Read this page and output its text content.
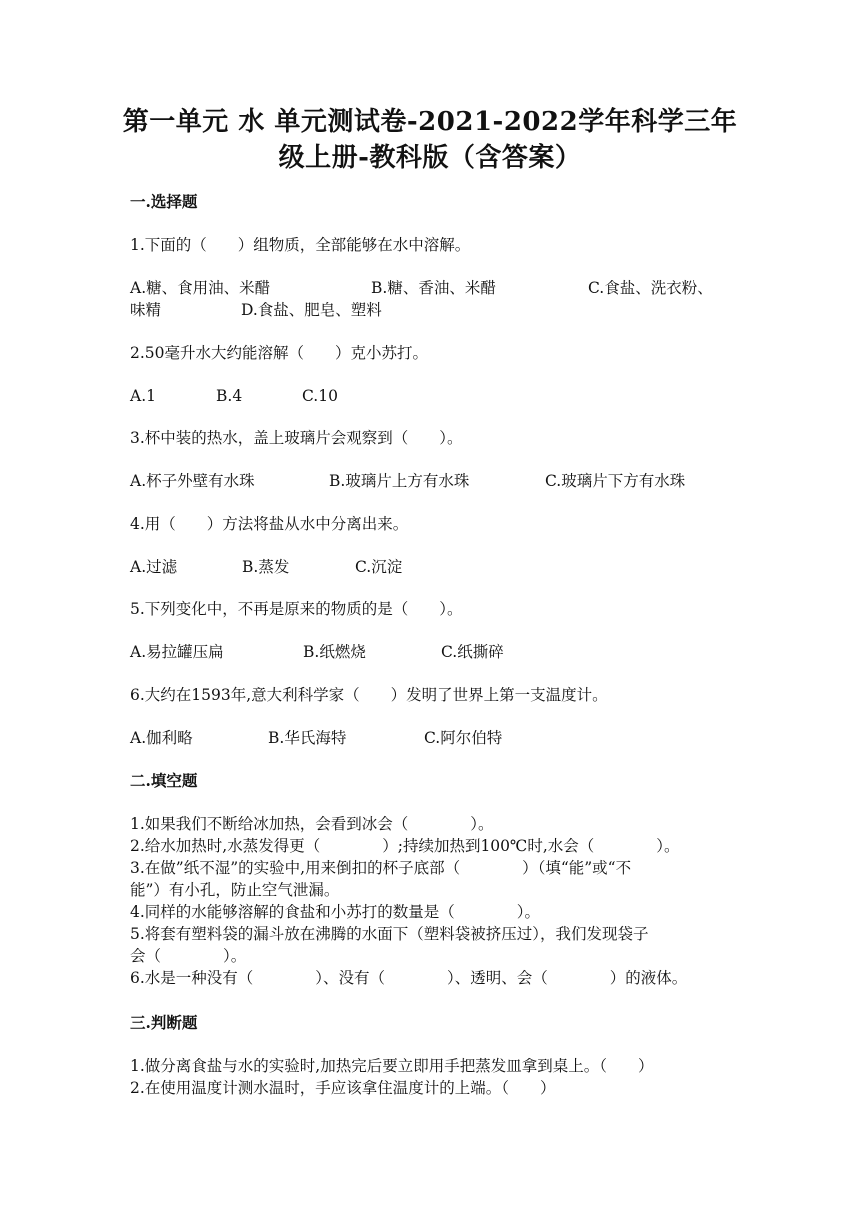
第一单元 水 单元测试卷-2021-2022学年科学三年
级上册-教科版（含答案）
一.选择题
1.下面的（　　）组物质，全部能够在水中溶解。
A.糖、食用油、米醋	B.糖、香油、米醋	C.食盐、洗衣粉、
味精	D.食盐、肥皂、塑料
2.50毫升水大约能溶解（　　）克小苏打。
A.1	B.4	C.10
3.杯中装的热水，盖上玻璃片会观察到（　　）。
A.杯子外壁有水珠	B.玻璃片上方有水珠	C.玻璃片下方有水珠
4.用（　　）方法将盐从水中分离出来。
A.过滤	B.蒸发	C.沉淀
5.下列变化中，不再是原来的物质的是（　　）。
A.易拉罐压扁	B.纸燃烧	C.纸撕碎
6.大约在1593年,意大利科学家（　　）发明了世界上第一支温度计。
A.伽利略	B.华氏海特	C.阿尔伯特
二.填空题
1.如果我们不断给冰加热，会看到冰会（　　　　）。
2.给水加热时,水蒸发得更（　　　　）;持续加热到100℃时,水会（　　　　）。
3.在做”纸不湿”的实验中,用来倒扣的杯子底部（　　　　）（填“能”或“不
能”）有小孔，防止空气泄漏。
4.同样的水能够溶解的食盐和小苏打的数量是（　　　　）。
5.将套有塑料袋的漏斗放在沸腾的水面下（塑料袋被挤压过），我们发现袋子
会（　　　　）。
6.水是一种没有（　　　　）、没有（　　　　）、透明、会（　　　　）的液体。
三.判断题
1.做分离食盐与水的实验时,加热完后要立即用手把蒸发皿拿到桌上。（　　）
2.在使用温度计测水温时，手应该拿住温度计的上端。（　　）
